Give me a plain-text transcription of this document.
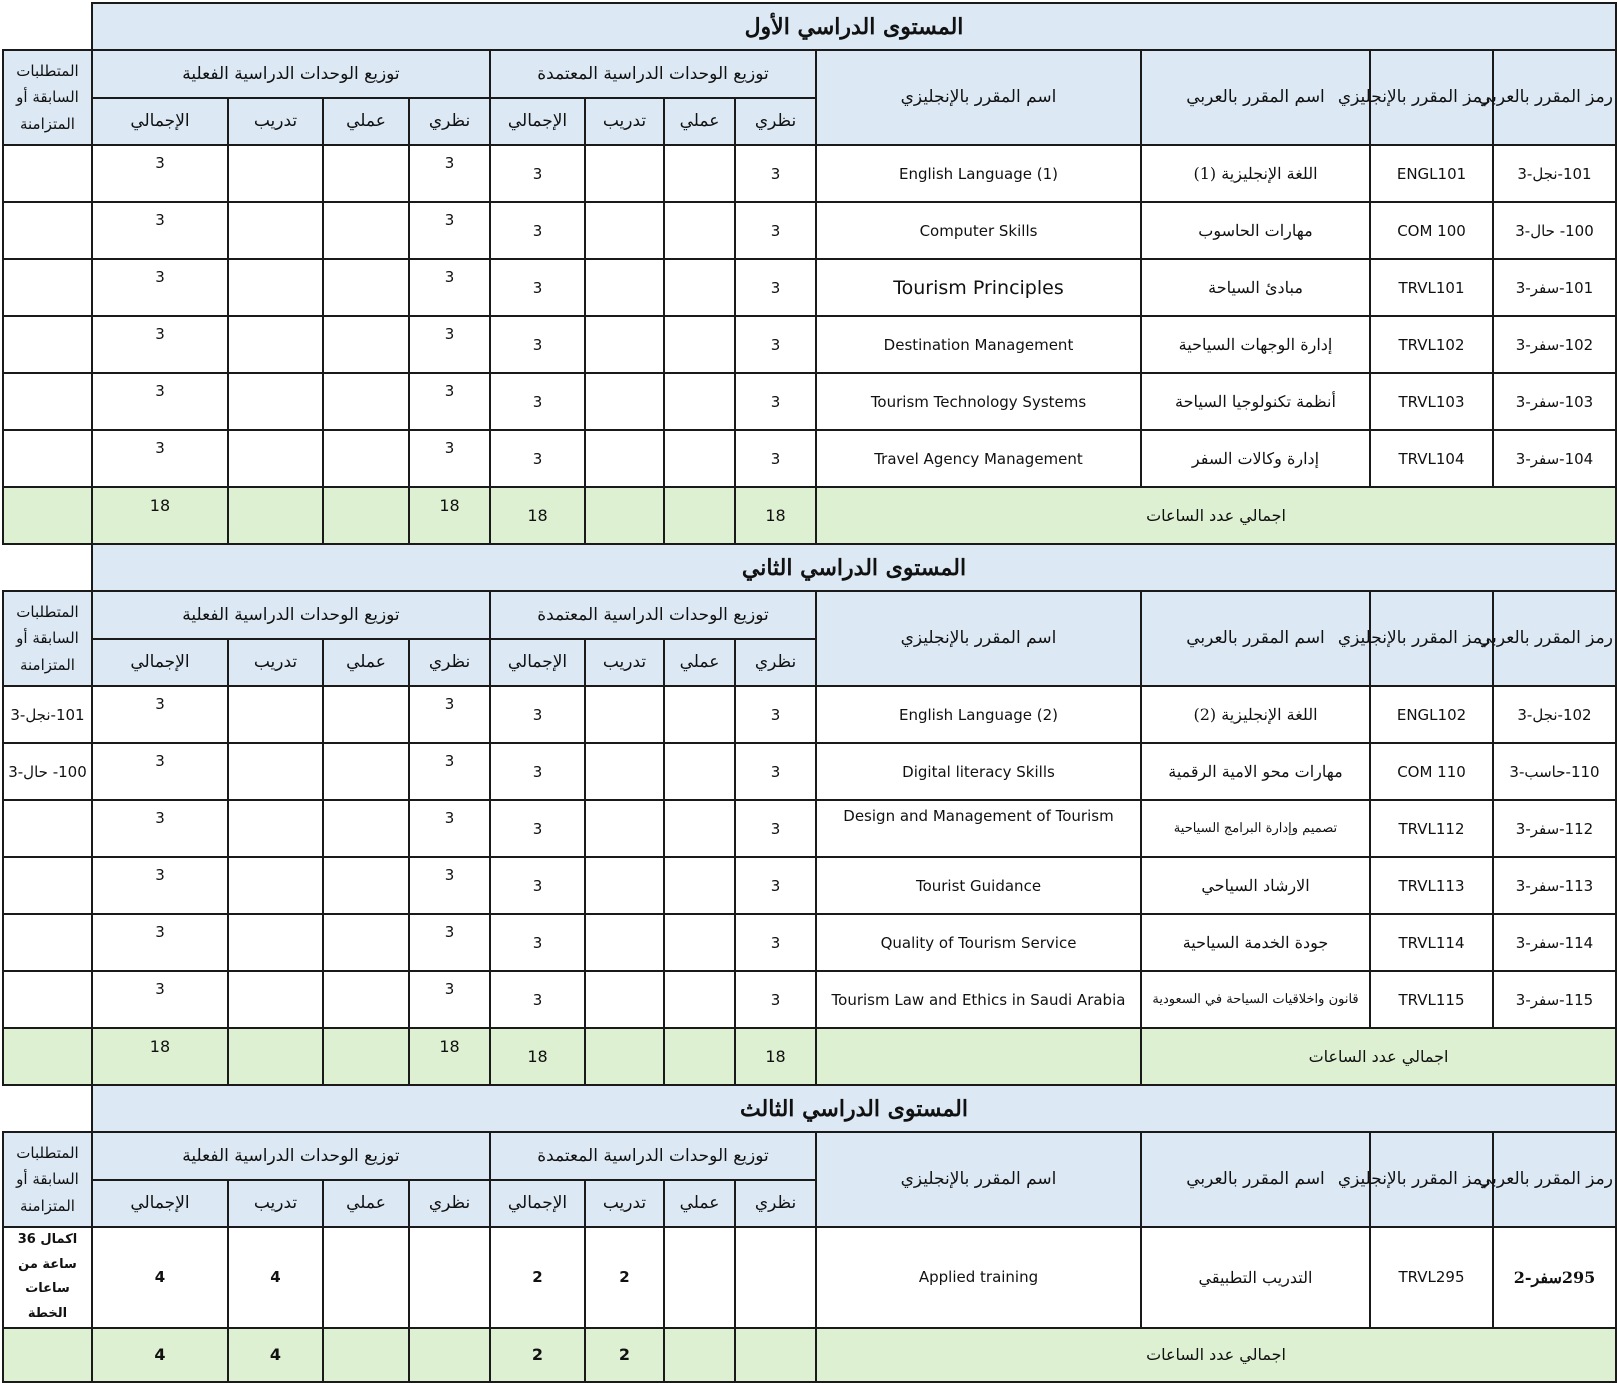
المستوى الدراسي الأول												
رمز المقرر بالعربي	رمز المقرر بالإنجليزي	اسم المقرر بالعربي	اسم المقرر بالإنجليزي	توزيع الوحدات الدراسية المعتمدة				توزيع الوحدات الدراسية الفعلية				المتطلبات السابقة أو المتزامنة
				نظري	عملي	تدريب	الإجمالي	نظري	عملي	تدريب	الإجمالي	
101-نجل-3	ENGL101	اللغة الإنجليزية (1)	English Language (1)	3			3	3			3	
100- حال-3	COM 100	مهارات الحاسوب	Computer Skills	3			3	3			3	
101-سفر-3	TRVL101	مبادئ السياحة	Tourism Principles	3			3	3			3	
102-سفر-3	TRVL102	إدارة الوجهات السياحية	Destination Management	3			3	3			3	
103-سفر-3	TRVL103	أنظمة تكنولوجيا السياحة	Tourism Technology Systems	3			3	3			3	
104-سفر-3	TRVL104	إدارة وكالات السفر	Travel Agency Management	3			3	3			3	
اجمالي عدد الساعات				18			18	18			18	
المستوى الدراسي الثاني												
رمز المقرر بالعربي	رمز المقرر بالإنجليزي	اسم المقرر بالعربي	اسم المقرر بالإنجليزي	توزيع الوحدات الدراسية المعتمدة				توزيع الوحدات الدراسية الفعلية				المتطلبات السابقة أو المتزامنة
				نظري	عملي	تدريب	الإجمالي	نظري	عملي	تدريب	الإجمالي	
102-نجل-3	ENGL102	اللغة الإنجليزية (2)	English Language (2)	3			3	3			3	101-نجل-3
110-حاسب-3	COM 110	مهارات محو الامية الرقمية	Digital literacy Skills	3			3	3			3	100- حال-3
112-سفر-3	TRVL112	تصميم وإدارة البرامج السياحية	Design and Management of Tourism	3			3	3			3	
113-سفر-3	TRVL113	الارشاد السياحي	Tourist Guidance	3			3	3			3	
114-سفر-3	TRVL114	جودة الخدمة السياحية	Quality of Tourism Service	3			3	3			3	
115-سفر-3	TRVL115	قانون واخلاقيات السياحة في السعودية	Tourism Law and Ethics in Saudi Arabia	3			3	3			3	
اجمالي عدد الساعات				18			18	18			18	
المستوى الدراسي الثالث												
رمز المقرر بالعربي	رمز المقرر بالإنجليزي	اسم المقرر بالعربي	اسم المقرر بالإنجليزي	توزيع الوحدات الدراسية المعتمدة				توزيع الوحدات الدراسية الفعلية				المتطلبات السابقة أو المتزامنة
				نظري	عملي	تدريب	الإجمالي	نظري	عملي	تدريب	الإجمالي	
295سفر-2	TRVL295	التدريب التطبيقي	Applied training			2	2			4	4	اكمال 36 ساعة من ساعات الخطة
اجمالي عدد الساعات						2	2			4	4	
